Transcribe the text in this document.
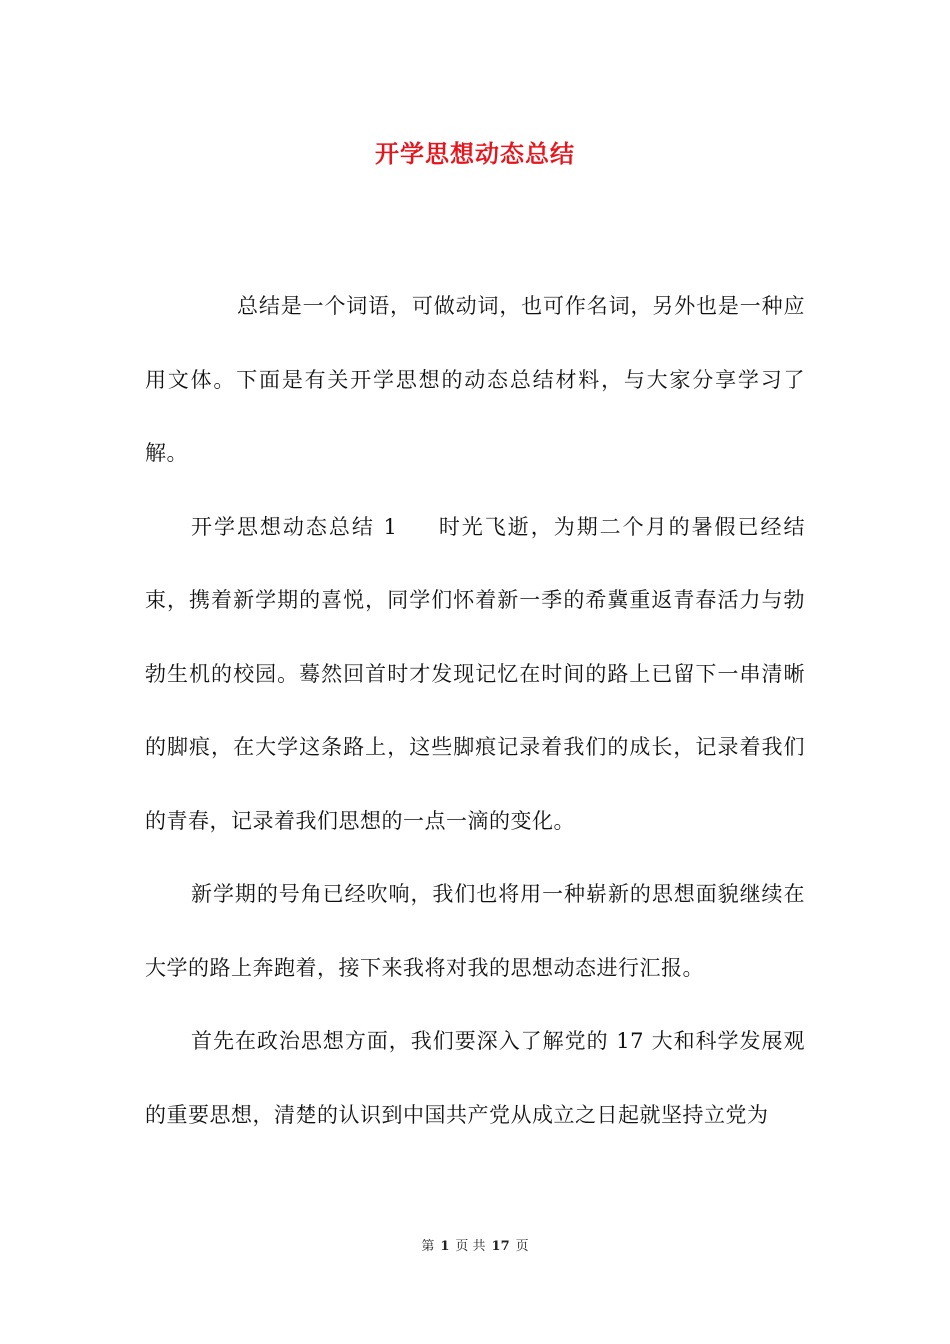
开学思想动态总结

总结是一个词语，可做动词，也可作名词，另外也是一种应用文体。下面是有关开学思想的动态总结材料，与大家分享学习了解。

开学思想动态总结 1 时光飞逝，为期二个月的暑假已经结束，携着新学期的喜悦，同学们怀着新一季的希冀重返青春活力与勃勃生机的校园。蓦然回首时才发现记忆在时间的路上已留下一串清晰的脚痕，在大学这条路上，这些脚痕记录着我们的成长，记录着我们的青春，记录着我们思想的一点一滴的变化。

新学期的号角已经吹响，我们也将用一种崭新的思想面貌继续在大学的路上奔跑着，接下来我将对我的思想动态进行汇报。

首先在政治思想方面，我们要深入了解党的 17 大和科学发展观的重要思想，清楚的认识到中国共产党从成立之日起就坚持立党为

第 1 页 共 17 页
